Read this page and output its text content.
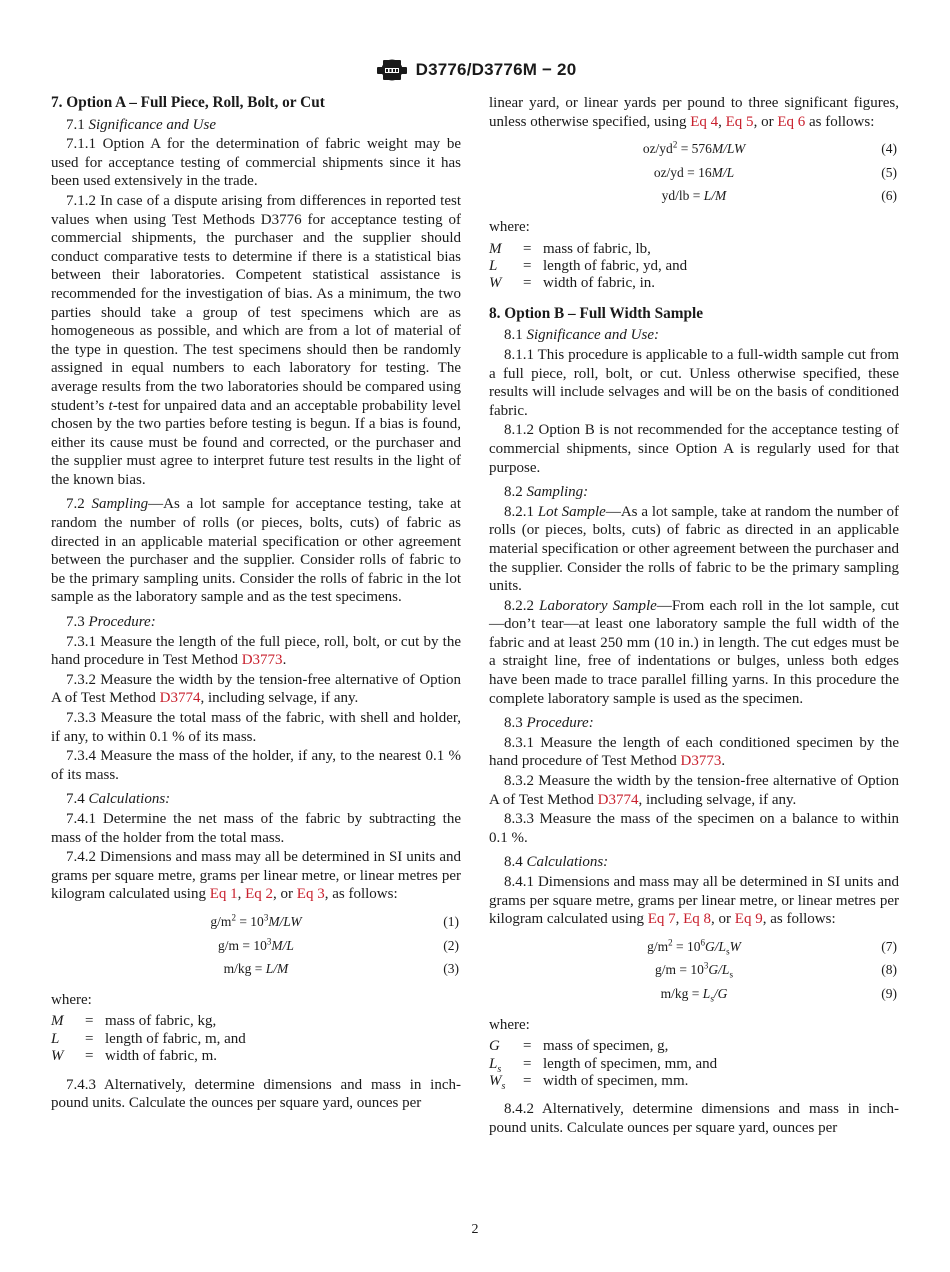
D3776/D3776M − 20
7. Option A – Full Piece, Roll, Bolt, or Cut

7.1 Significance and Use

7.1.1 Option A for the determination of fabric weight may be used for acceptance testing of commercial shipments since it has been used extensively in the trade.

7.1.2 In case of a dispute arising from differences in reported test values when using Test Methods D3776 for acceptance testing of commercial shipments, the purchaser and the supplier should conduct comparative tests to determine if there is a statistical bias between their laboratories. Competent statistical assistance is recommended for the investigation of bias. As a minimum, the two parties should take a group of test specimens which are as homogeneous as possible, and which are from a lot of material of the type in question. The test specimens should then be randomly assigned in equal numbers to each laboratory for testing. The average results from the two laboratories should be compared using student’s t-test for unpaired data and an acceptable probability level chosen by the two parties before testing is begun. If a bias is found, either its cause must be found and corrected, or the purchaser and the supplier must agree to interpret future test results in the light of the known bias.

7.2 Sampling—As a lot sample for acceptance testing, take at random the number of rolls (or pieces, bolts, cuts) of fabric as directed in an applicable material specification or other agreement between the purchaser and the supplier. Consider rolls of fabric to be the primary sampling units. Consider the rolls of fabric in the lot sample as the laboratory sample and as the test specimens.

7.3 Procedure:

7.3.1 Measure the length of the full piece, roll, bolt, or cut by the hand procedure in Test Method D3773.

7.3.2 Measure the width by the tension-free alternative of Option A of Test Method D3774, including selvage, if any.

7.3.3 Measure the total mass of the fabric, with shell and holder, if any, to within 0.1 % of its mass.

7.3.4 Measure the mass of the holder, if any, to the nearest 0.1 % of its mass.

7.4 Calculations:

7.4.1 Determine the net mass of the fabric by subtracting the mass of the holder from the total mass.

7.4.2 Dimensions and mass may all be determined in SI units and grams per square metre, grams per linear metre, or linear metres per kilogram calculated using Eq 1, Eq 2, or Eq 3, as follows:

$g/m^2 = 10^3M/LW$	(1)
$g/m = 10^3M/L$	(2)
m/kg = L/M	(3)
where:
M	= mass of fabric, kg,
L	= length of fabric, m, and
W	= width of fabric, m.

7.4.3 Alternatively, determine dimensions and mass in inch-pound units. Calculate the ounces per square yard, ounces per

linear yard, or linear yards per pound to three significant figures, unless otherwise specified, using Eq 4, Eq 5, or Eq 6 as follows:

$oz/yd^2 = 576M/LW$	(4)
oz/yd = 16M/L	(5)
yd/lb = L/M	(6)
where:
M	= mass of fabric, lb,
L	= length of fabric, yd, and
W	= width of fabric, in.
8. Option B – Full Width Sample

8.1 Significance and Use:

8.1.1 This procedure is applicable to a full-width sample cut from a full piece, roll, bolt, or cut. Unless otherwise specified, these results will include selvages and will be on the basis of conditioned fabric.

8.1.2 Option B is not recommended for the acceptance testing of commercial shipments, since Option A is regularly used for that purpose.

8.2 Sampling:

8.2.1 Lot Sample—As a lot sample, take at random the number of rolls (or pieces, bolts, cuts) of fabric as directed in an applicable material specification or other agreement between the purchaser and the supplier. Consider the rolls of fabric to be the primary sampling units.

8.2.2 Laboratory Sample—From each roll in the lot sample, cut—don’t tear—at least one laboratory sample the full width of the fabric and at least 250 mm (10 in.) in length. The cut edges must be a straight line, free of indentations or bulges, unless both edges have been made to trace parallel filling yarns. In this procedure the complete laboratory sample is used as the specimen.

8.3 Procedure:

8.3.1 Measure the length of each conditioned specimen by the hand procedure of Test Method D3773.

8.3.2 Measure the width by the tension-free alternative of Option A of Test Method D3774, including selvage, if any.

8.3.3 Measure the mass of the specimen on a balance to within 0.1 %.

8.4 Calculations:

8.4.1 Dimensions and mass may all be determined in SI units and grams per square metre, grams per linear metre, or linear metres per kilogram calculated using Eq 7, Eq 8, or Eq 9, as follows:

$g/m^2 = 10^6G/L_sW$	(7)
$g/m = 10^3G/L_s$	(8)
$m/kg = L_s/G$	(9)
where:
G	= mass of specimen, g,
$L_s$	= length of specimen, mm, and
$W_s$	= width of specimen, mm.

8.4.2 Alternatively, determine dimensions and mass in inch-pound units. Calculate ounces per square yard, ounces per

2
